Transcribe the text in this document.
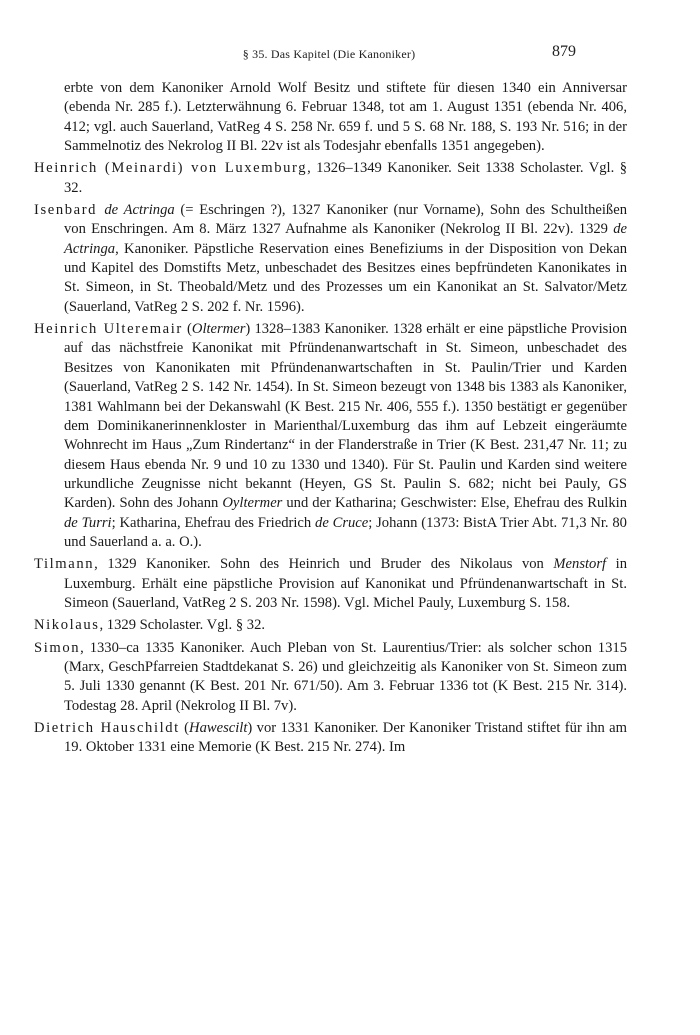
§ 35. Das Kapitel (Die Kanoniker)	879

erbte von dem Kanoniker Arnold Wolf Besitz und stiftete für diesen 1340 ein Anniversar (ebenda Nr. 285 f.). Letzterwähnung 6. Februar 1348, tot am 1. August 1351 (ebenda Nr. 406, 412; vgl. auch Sauerland, VatReg 4 S. 258 Nr. 659 f. und 5 S. 68 Nr. 188, S. 193 Nr. 516; in der Sammelnotiz des Nekrolog II Bl. 22v ist als Todesjahr ebenfalls 1351 angegeben).

Heinrich (Meinardi) von Luxemburg, 1326–1349 Kanoniker. Seit 1338 Scholaster. Vgl. § 32.

Isenbard de Actringa (= Eschringen ?), 1327 Kanoniker (nur Vorname), Sohn des Schultheißen von Enschringen. Am 8. März 1327 Aufnahme als Kanoniker (Nekrolog II Bl. 22v). 1329 de Actringa, Kanoniker. Päpstliche Reservation eines Benefiziums in der Disposition von Dekan und Kapitel des Domstifts Metz, unbeschadet des Besitzes eines bepfründeten Kanonikates in St. Simeon, in St. Theobald/Metz und des Prozesses um ein Kanonikat an St. Salvator/Metz (Sauerland, VatReg 2 S. 202 f. Nr. 1596).

Heinrich Ulteremair (Oltermer) 1328–1383 Kanoniker. 1328 erhält er eine päpstliche Provision auf das nächstfreie Kanonikat mit Pfründenanwartschaft in St. Simeon, unbeschadet des Besitzes von Kanonikaten mit Pfründenanwartschaften in St. Paulin/Trier und Karden (Sauerland, VatReg 2 S. 142 Nr. 1454). In St. Simeon bezeugt von 1348 bis 1383 als Kanoniker, 1381 Wahlmann bei der Dekanswahl (K Best. 215 Nr. 406, 555 f.). 1350 bestätigt er gegenüber dem Dominikanerinnenkloster in Marienthal/Luxemburg das ihm auf Lebzeit eingeräumte Wohnrecht im Haus „Zum Rindertanz“ in der Flanderstraße in Trier (K Best. 231,47 Nr. 11; zu diesem Haus ebenda Nr. 9 und 10 zu 1330 und 1340). Für St. Paulin und Karden sind weitere urkundliche Zeugnisse nicht bekannt (Heyen, GS St. Paulin S. 682; nicht bei Pauly, GS Karden). Sohn des Johann Oyltermer und der Katharina; Geschwister: Else, Ehefrau des Rulkin de Turri; Katharina, Ehefrau des Friedrich de Cruce; Johann (1373: BistA Trier Abt. 71,3 Nr. 80 und Sauerland a. a. O.).

Tilmann, 1329 Kanoniker. Sohn des Heinrich und Bruder des Nikolaus von Menstorf in Luxemburg. Erhält eine päpstliche Provision auf Kanonikat und Pfründenanwartschaft in St. Simeon (Sauerland, VatReg 2 S. 203 Nr. 1598). Vgl. Michel Pauly, Luxemburg S. 158.

Nikolaus, 1329 Scholaster. Vgl. § 32.

Simon, 1330–ca 1335 Kanoniker. Auch Pleban von St. Laurentius/Trier: als solcher schon 1315 (Marx, GeschPfarreien Stadtdekanat S. 26) und gleichzeitig als Kanoniker von St. Simeon zum 5. Juli 1330 genannt (K Best. 201 Nr. 671/50). Am 3. Februar 1336 tot (K Best. 215 Nr. 314). Todestag 28. April (Nekrolog II Bl. 7v).

Dietrich Hauschildt (Hawescilt) vor 1331 Kanoniker. Der Kanoniker Tristand stiftet für ihn am 19. Oktober 1331 eine Memorie (K Best. 215 Nr. 274). Im
